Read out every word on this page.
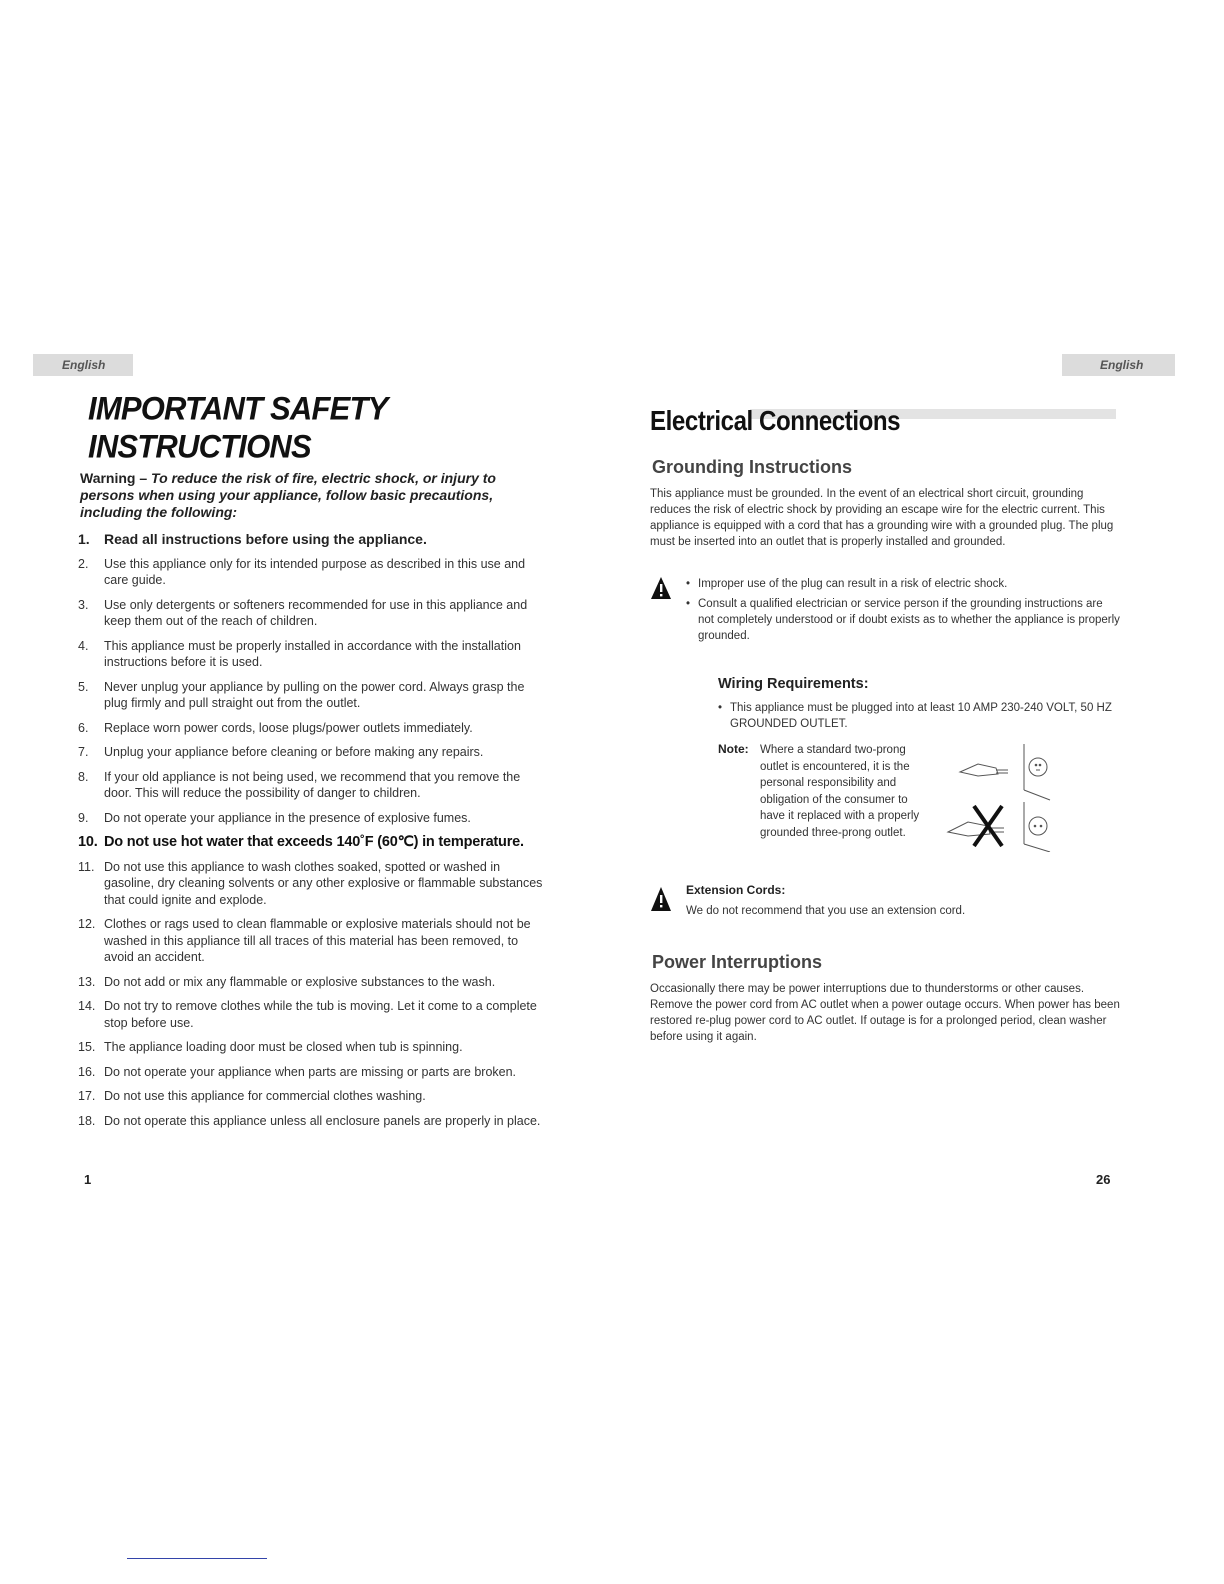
English	English
IMPORTANT SAFETY INSTRUCTIONS

Warning – To reduce the risk of fire, electric shock, or injury to persons when using your appliance, follow basic precautions, including the following:

1.	Read all instructions before using the appliance.
2.	Use this appliance only for its intended purpose as described in this use and care guide.
3.	Use only detergents or softeners recommended for use in this appliance and keep them out of the reach of children.
4.	This appliance must be properly installed in accordance with the installation instructions before it is used.
5.	Never unplug your appliance by pulling on the power cord. Always grasp the plug firmly and pull straight out from the outlet.
6.	Replace worn power cords, loose plugs/power outlets immediately.
7.	Unplug your appliance before cleaning or before making any repairs.
8.	If your old appliance is not being used, we recommend that you remove the door. This will reduce the possibility of danger to children.
9.	Do not operate your appliance in the presence of explosive fumes.
10. Do not use hot water that exceeds 140˚F (60℃) in temperature.
11. Do not use this appliance to wash clothes soaked, spotted or washed in gasoline, dry cleaning solvents or any other explosive or flammable substances that could ignite and explode.
12. Clothes or rags used to clean flammable or explosive materials should not be washed in this appliance till all traces of this material has been removed, to avoid an accident.
13. Do not add or mix any flammable or explosive substances to the wash.
14. Do not try to remove clothes while the tub is moving. Let it come to a complete stop before use.
15. The appliance loading door must be closed when tub is spinning.
16. Do not operate your appliance when parts are missing or parts are broken.
17. Do not use this appliance for commercial clothes washing.
18. Do not operate this appliance unless all enclosure panels are properly in place.
1
Electrical Connections
Grounding Instructions

This appliance must be grounded. In the event of an electrical short circuit, grounding reduces the risk of electric shock by providing an escape wire for the electric current. This appliance is equipped with a cord that has a grounding wire with a grounded plug. The plug must be inserted into an outlet that is properly installed and grounded.

• Improper use of the plug can result in a risk of electric shock.
• Consult a qualified electrician or service person if the grounding instructions are not completely understood or if doubt exists as to whether the appliance is properly grounded.
Wiring Requirements:
• This appliance must be plugged into at least 10 AMP 230-240 VOLT, 50 HZ GROUNDED OUTLET.
Note: Where a standard two-prong outlet is encountered, it is the personal responsibility and obligation of the consumer to have it replaced with a properly grounded three-prong outlet.
Extension Cords:
We do not recommend that you use an extension cord.
Power Interruptions

Occasionally there may be power interruptions due to thunderstorms or other causes. Remove the power cord from AC outlet when a power outage occurs. When power has been restored re-plug power cord to AC outlet. If outage is for a prolonged period, clean washer before using it again.

26
